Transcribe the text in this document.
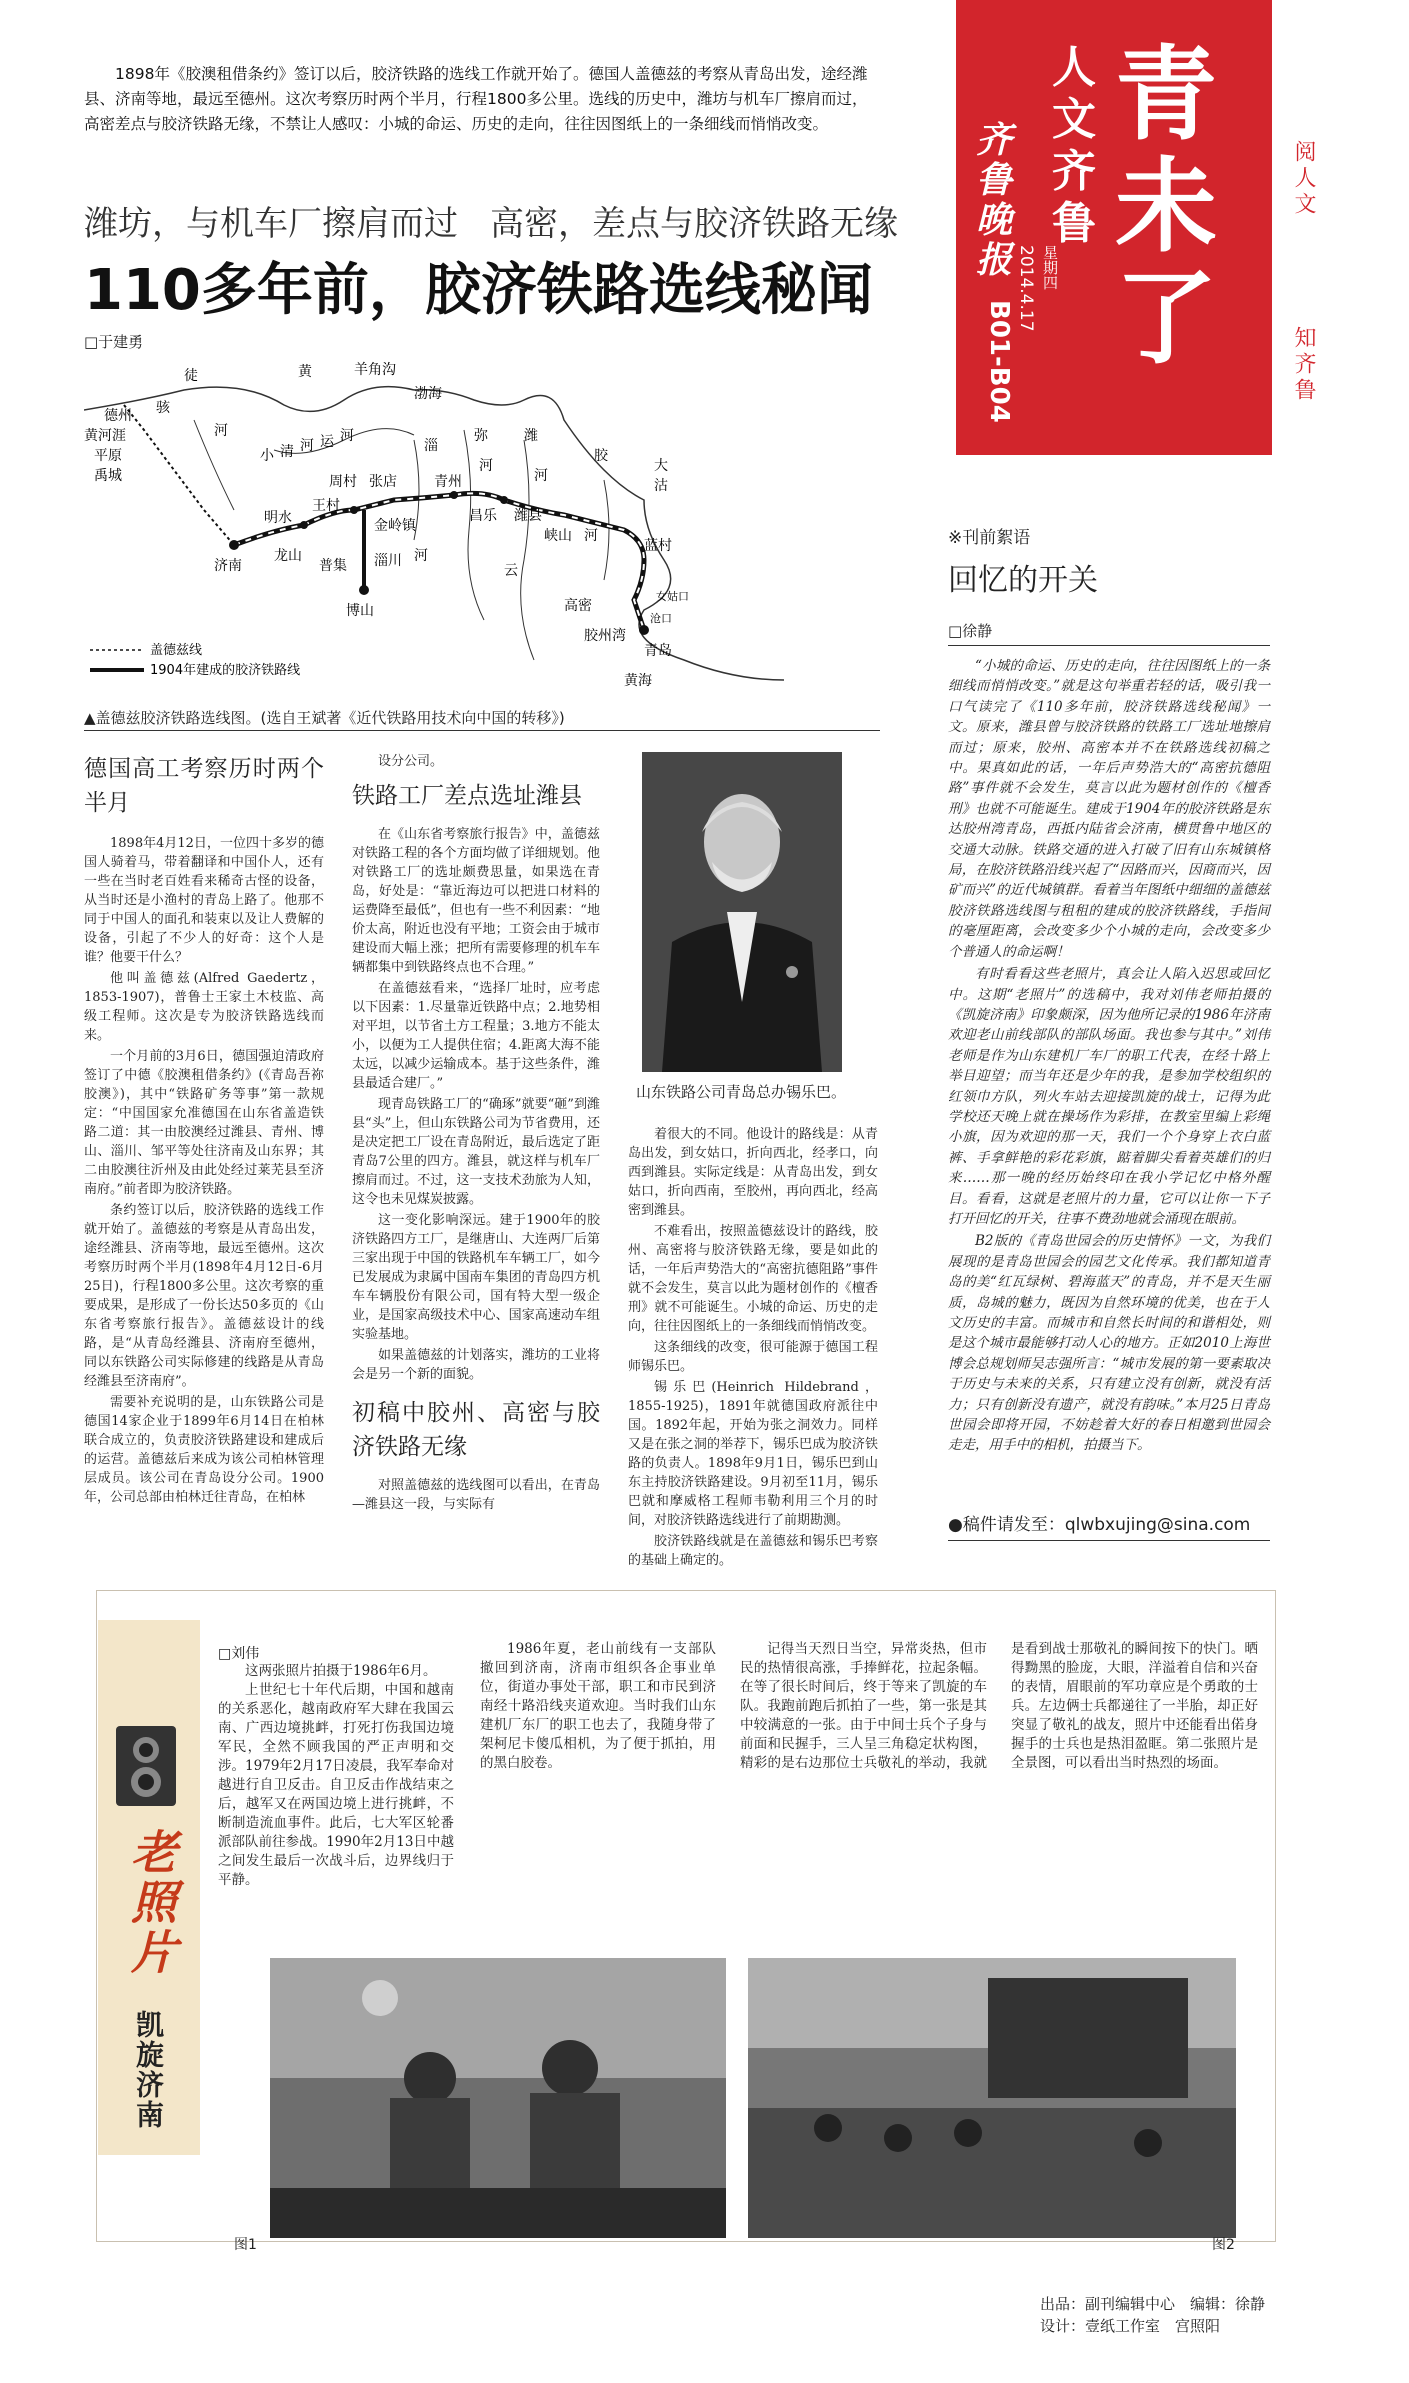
青未了
人文齐鲁
齐鲁晚报 2014.4.17 星期四
B01-B04
阅人文
知齐鲁
1898年《胶澳租借条约》签订以后，胶济铁路的选线工作就开始了。德国人盖德兹的考察从青岛出发，途经潍县、济南等地，最远至德州。这次考察历时两个半月，行程1800多公里。选线的历史中，潍坊与机车厂擦肩而过，高密差点与胶济铁路无缘，不禁让人感叹：小城的命运、历史的走向，往往因图纸上的一条细线而悄悄改变。
潍坊，与机车厂擦肩而过 高密，差点与胶济铁路无缘
110多年前，胶济铁路选线秘闻
□于建勇
德州
徒
骇
黄	羊角沟
渤海
黄河涯
平原
禹城
河
小 清 河 运 河
淄
弥	潍
胶
大
周村 张店	青州
河
河
沽
明水
王村
金岭镇
昌乐 潍县
河
河
济南
龙山
普集 淄川
云
峡山
蓝村
博山	高密
女姑口
沧口
胶州湾
青岛
黄海
盖德兹线
1904年建成的胶济铁路线
▲盖德兹胶济铁路选线图。(选自王斌著《近代铁路用技术向中国的转移》)
德国高工考察历时两个半月

1898年4月12日，一位四十多岁的德国人骑着马，带着翻译和中国仆人，还有一些在当时老百姓看来稀奇古怪的设备，从当时还是小渔村的青岛上路了。他那不同于中国人的面孔和装束以及让人费解的设备，引起了不少人的好奇：这个人是谁？他要干什么？

他叫盖德兹(Alfred Gaedertz，1853-1907)，普鲁士王家土木枝监、高级工程师。这次是专为胶济铁路选线而来。

一个月前的3月6日，德国强迫清政府签订了中德《胶澳租借条约》(《青岛吾祢胶澳》)，其中“铁路矿务等事”第一款规定：“中国国家允准德国在山东省盖造铁路二道：其一由胶澳经过潍县、青州、博山、淄川、邹平等处往济南及山东界；其二由胶澳往沂州及由此处经过莱芜县至济南府。”前者即为胶济铁路。

条约签订以后，胶济铁路的选线工作就开始了。盖德兹的考察是从青岛出发，途经潍县、济南等地，最远至德州。这次考察历时两个半月(1898年4月12日-6月25日)，行程1800多公里。这次考察的重要成果，是形成了一份长达50多页的《山东省考察旅行报告》。盖德兹设计的线路，是“从青岛经潍县、济南府至德州，同以东铁路公司实际修建的线路是从青岛经潍县至济南府”。

需要补充说明的是，山东铁路公司是德国14家企业于1899年6月14日在柏林联合成立的，负责胶济铁路建设和建成后的运营。盖德兹后来成为该公司柏林管理层成员。该公司在青岛设分公司。1900年，公司总部由柏林迁往青岛，在柏林

设分公司。

铁路工厂差点选址潍县

在《山东省考察旅行报告》中，盖德兹对铁路工程的各个方面均做了详细规划。他对铁路工厂的选址颇费思量，如果选在青岛，好处是：“靠近海边可以把进口材料的运费降至最低”，但也有一些不利因素：“地价太高，附近也没有平地；工资会由于城市建设而大幅上涨；把所有需要修理的机车车辆都集中到铁路终点也不合理。”

在盖德兹看来，“选择厂址时，应考虑以下因素：1.尽量靠近铁路中点；2.地势相对平坦，以节省土方工程量；3.地方不能太小，以便为工人提供住宿；4.距离大海不能太远，以减少运输成本。基于这些条件，潍县最适合建厂。”

现青岛铁路工厂的“确琢”就要“砸”到潍县“头”上，但山东铁路公司为节省费用，还是决定把工厂设在青岛附近，最后选定了距青岛7公里的四方。潍县，就这样与机车厂擦肩而过。不过，这一支技术劲旅为人知，这令也未见煤炭披露。

这一变化影响深远。建于1900年的胶济铁路四方工厂，是继唐山、大连两厂后第三家出现于中国的铁路机车车辆工厂，如今已发展成为隶属中国南车集团的青岛四方机车车辆股份有限公司，国有特大型一级企业，是国家高级技术中心、国家高速动车组实验基地。

如果盖德兹的计划落实，潍坊的工业将会是另一个新的面貌。

初稿中胶州、高密与胶济铁路无缘

对照盖德兹的选线图可以看出，在青岛—潍县这一段，与实际有

山东铁路公司青岛总办锡乐巴。

着很大的不同。他设计的路线是：从青岛出发，到女姑口，折向西北，经孝口，向西到潍县。实际定线是：从青岛出发，到女姑口，折向西南，至胶州，再向西北，经高密到潍县。

不难看出，按照盖德兹设计的路线，胶州、高密将与胶济铁路无缘，要是如此的话，一年后声势浩大的“高密抗德阻路”事件就不会发生，莫言以此为题材创作的《檀香刑》就不可能诞生。小城的命运、历史的走向，往往因图纸上的一条细线而悄悄改变。

这条细线的改变，很可能源于德国工程师锡乐巴。

锡乐巴(Heinrich Hildebrand，1855-1925)，1891年就德国政府派往中国。1892年起，开始为张之洞效力。同样又是在张之洞的举荐下，锡乐巴成为胶济铁路的负责人。1898年9月1日，锡乐巴到山东主持胶济铁路建设。9月初至11月，锡乐巴就和摩威格工程师韦勒利用三个月的时间，对胶济铁路选线进行了前期勘测。

胶济铁路线就是在盖德兹和锡乐巴考察的基础上确定的。

※刊前絮语
回忆的开关
□徐静

“小城的命运、历史的走向，往往因图纸上的一条细线而悄悄改变。”就是这句举重若轻的话，吸引我一口气读完了《110多年前，胶济铁路选线秘闻》一文。原来，潍县曾与胶济铁路的铁路工厂选址地擦肩而过；原来，胶州、高密本并不在铁路选线初稿之中。果真如此的话，一年后声势浩大的“高密抗德阻路”事件就不会发生，莫言以此为题材创作的《檀香刑》也就不可能诞生。建成于1904年的胶济铁路是东达胶州湾青岛，西抵内陆省会济南，横贯鲁中地区的交通大动脉。铁路交通的进入打破了旧有山东城镇格局，在胶济铁路沿线兴起了“因路而兴，因商而兴，因矿而兴”的近代城镇群。看着当年图纸中细细的盖德兹胶济铁路选线图与租租的建成的胶济铁路线，手指间的毫厘距离，会改变多少个小城的走向，会改变多少个普通人的命运啊！

有时看看这些老照片，真会让人陷入迟思或回忆中。这期“老照片”的选稿中，我对刘伟老师拍摄的《凯旋济南》印象颇深，因为他所记录的1986年济南欢迎老山前线部队的部队场面。我也参与其中。”刘伟老师是作为山东建机厂车厂的职工代表，在经十路上举目迎望；而当年还是少年的我，是参加学校组织的红领巾方队，列火车站去迎接凯旋的战士，记得为此学校还天晚上就在操场作为彩排，在教室里编上彩绳小旗，因为欢迎的那一天，我们一个个身穿上衣白蓝裤、手拿鲜艳的彩花彩旗，踮着脚尖看着英雄们的归来……那一晚的经历始终印在我小学记忆中格外醒目。看看，这就是老照片的力量，它可以让你一下子打开回忆的开关，往事不费劲地就会涌现在眼前。

B2版的《青岛世园会的历史情怀》一文，为我们展现的是青岛世园会的园艺文化传承。我们都知道青岛的美“红瓦绿树、碧海蓝天”的青岛，并不是天生丽质，岛城的魅力，既因为自然环境的优美，也在于人文历史的丰富。而城市和自然长时间的和谐相处，则是这个城市最能够打动人心的地方。正如2010上海世博会总规划师吴志强所言：“城市发展的第一要素取决于历史与未来的关系，只有建立没有创新，就没有活力；只有创新没有遗产，就没有韵味。”本月25日青岛世园会即将开园，不妨趁着大好的春日相邀到世园会走走，用手中的相机，拍摄当下。

●稿件请发至：qlwbxujing@sina.com
老照片
凯旋济南
□刘伟

这两张照片拍摄于1986年6月。

上世纪七十年代后期，中国和越南的关系恶化，越南政府军大肆在我国云南、广西边境挑衅，打死打伤我国边境军民，全然不顾我国的严正声明和交涉。1979年2月17日凌晨，我军奉命对越进行自卫反击。自卫反击作战结束之后，越军又在两国边境上进行挑衅，不断制造流血事件。此后，七大军区轮番派部队前往参战。1990年2月13日中越之间发生最后一次战斗后，边界线归于平静。

1986年夏，老山前线有一支部队撤回到济南，济南市组织各企事业单位，街道办事处干部，职工和市民到济南经十路沿线夹道欢迎。当时我们山东建机厂东厂的职工也去了，我随身带了架柯尼卡傻瓜相机，为了便于抓拍，用的黑白胶卷。

记得当天烈日当空，异常炎热，但市民的热情很高涨，手捧鲜花，拉起条幅。在等了很长时间后，终于等来了凯旋的车队。我跑前跑后抓拍了一些，第一张是其中较满意的一张。由于中间士兵个子身与前面和民握手，三人呈三角稳定状构图，精彩的是右边那位士兵敬礼的举动，我就是看到战士那敬礼的瞬间按下的快门。晒得黝黑的脸庞，大眼，洋溢着自信和兴奋的表情，眉眼前的军功章应是个勇敢的士兵。左边俩士兵都递往了一半胎，却正好突显了敬礼的战友，照片中还能看出偌身握手的士兵也是热泪盈眶。第二张照片是全景图，可以看出当时热烈的场面。

图1	图2
出品：副刊编辑中心　编辑：徐静
设计：壹纸工作室　宫照阳
